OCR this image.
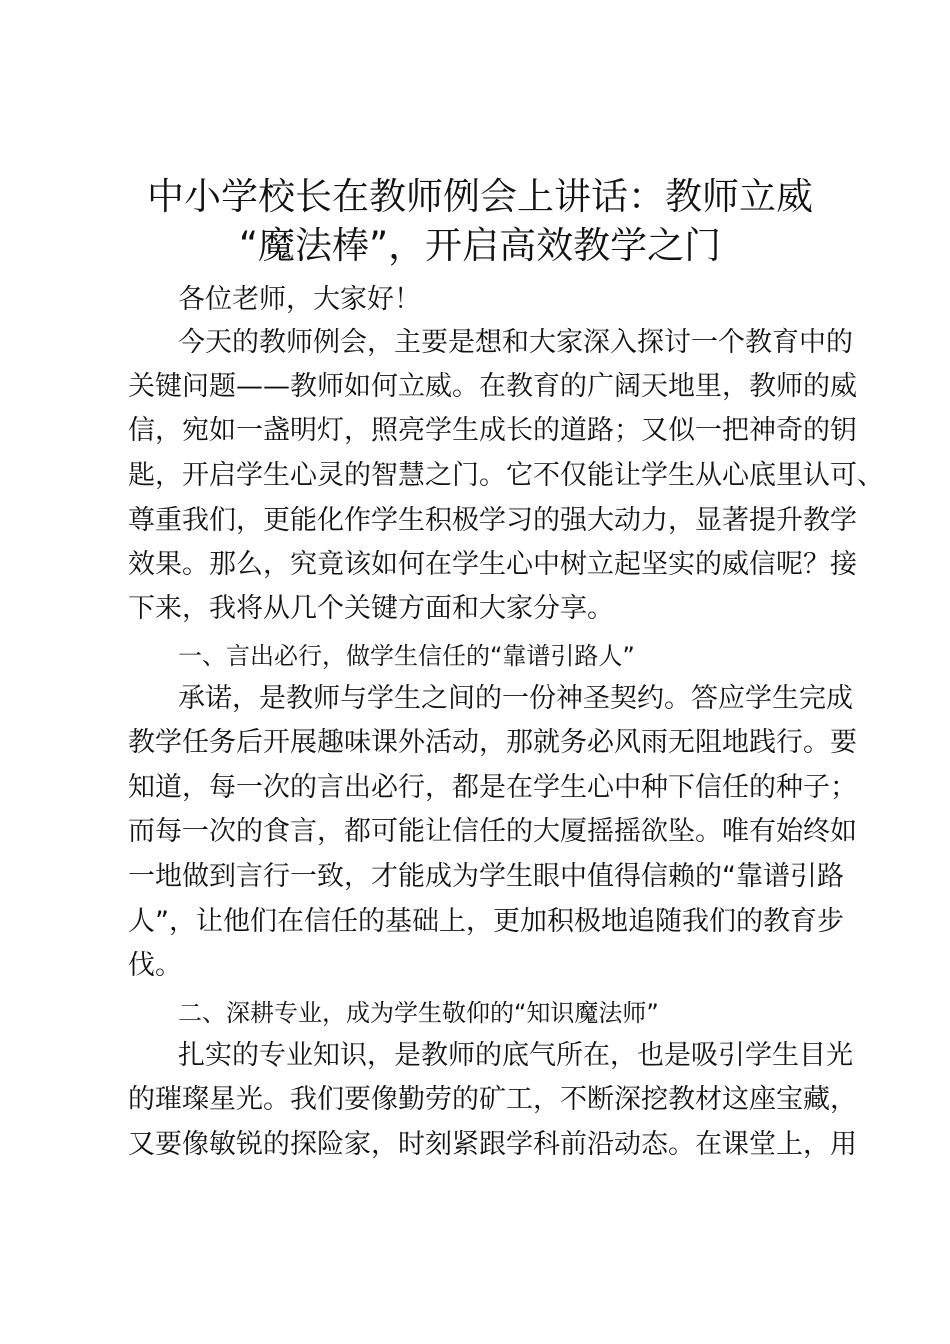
中小学校长在教师例会上讲话：教师立威
“魔法棒”，开启高效教学之门

各位老师，大家好！

今天的教师例会，主要是想和大家深入探讨一个教育中的

关键问题——教师如何立威。在教育的广阔天地里，教师的威

信，宛如一盏明灯，照亮学生成长的道路；又似一把神奇的钥

匙，开启学生心灵的智慧之门。它不仅能让学生从心底里认可、

尊重我们，更能化作学生积极学习的强大动力，显著提升教学

效果。那么，究竟该如何在学生心中树立起坚实的威信呢？接

下来，我将从几个关键方面和大家分享。

一、言出必行，做学生信任的“靠谱引路人”

承诺，是教师与学生之间的一份神圣契约。答应学生完成

教学任务后开展趣味课外活动，那就务必风雨无阻地践行。要

知道，每一次的言出必行，都是在学生心中种下信任的种子；

而每一次的食言，都可能让信任的大厦摇摇欲坠。唯有始终如

一地做到言行一致，才能成为学生眼中值得信赖的“靠谱引路

人”，让他们在信任的基础上，更加积极地追随我们的教育步

伐。

二、深耕专业，成为学生敬仰的“知识魔法师”

扎实的专业知识，是教师的底气所在，也是吸引学生目光

的璀璨星光。我们要像勤劳的矿工，不断深挖教材这座宝藏，

又要像敏锐的探险家，时刻紧跟学科前沿动态。在课堂上，用
